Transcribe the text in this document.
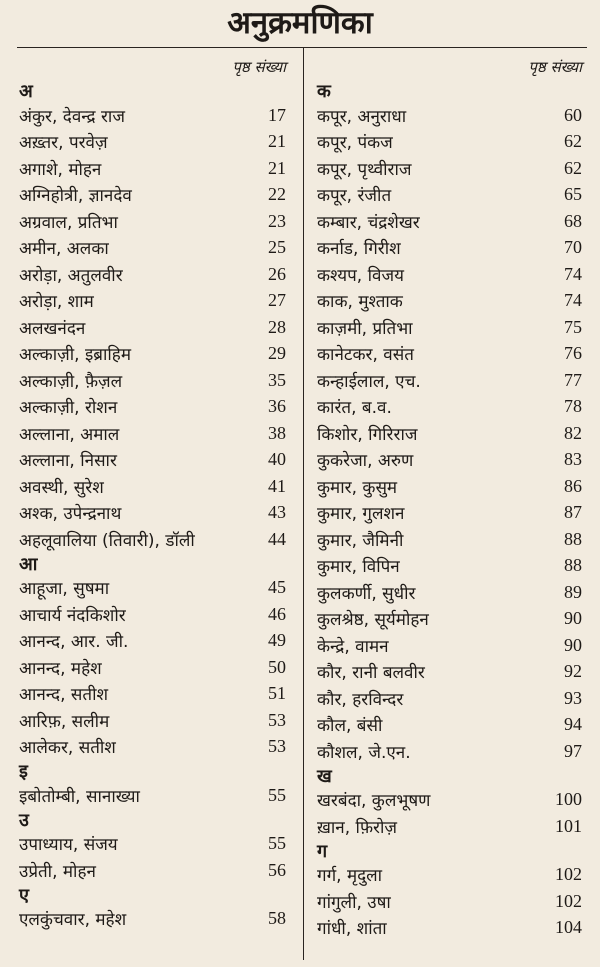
अनुक्रमणिका
पृष्ठ संख्या
अ
अंकुर, देवन्द्र राज	17
अख़्तर, परवेज़	21
अगाशे, मोहन	21
अग्निहोत्री, ज्ञानदेव	22
अग्रवाल, प्रतिभा	23
अमीन, अलका	25
अरोड़ा, अतुलवीर	26
अरोड़ा, शाम	27
अलखनंदन	28
अल्काज़ी, इब्राहिम	29
अल्काज़ी, फ़ैज़ल	35
अल्काज़ी, रोशन	36
अल्लाना, अमाल	38
अल्लाना, निसार	40
अवस्थी, सुरेश	41
अश्क, उपेन्द्रनाथ	43
अहलूवालिया (तिवारी), डॉली	44
आ
आहूजा, सुषमा	45
आचार्य नंदकिशोर	46
आनन्द, आर. जी.	49
आनन्द, महेश	50
आनन्द, सतीश	51
आरिफ़, सलीम	53
आलेकर, सतीश	53
इ
इबोतोम्बी, सानाख्या	55
उ
उपाध्याय, संजय	55
उप्रेती, मोहन	56
ए
एलकुंचवार, महेश	58
पृष्ठ संख्या
क
कपूर, अनुराधा	60
कपूर, पंकज	62
कपूर, पृथ्वीराज	62
कपूर, रंजीत	65
कम्बार, चंद्रशेखर	68
कर्नाड, गिरीश	70
कश्यप, विजय	74
काक, मुश्ताक	74
काज़मी, प्रतिभा	75
कानेटकर, वसंत	76
कन्हाईलाल, एच.	77
कारंत, ब.व.	78
किशोर, गिरिराज	82
कुकरेजा, अरुण	83
कुमार, कुसुम	86
कुमार, गुलशन	87
कुमार, जैमिनी	88
कुमार, विपिन	88
कुलकर्णी, सुधीर	89
कुलश्रेष्ठ, सूर्यमोहन	90
केन्द्रे, वामन	90
कौर, रानी बलवीर	92
कौर, हरविन्दर	93
कौल, बंसी	94
कौशल, जे.एन.	97
ख
खरबंदा, कुलभूषण	100
ख़ान, फ़िरोज़	101
ग
गर्ग, मृदुला	102
गांगुली, उषा	102
गांधी, शांता	104
